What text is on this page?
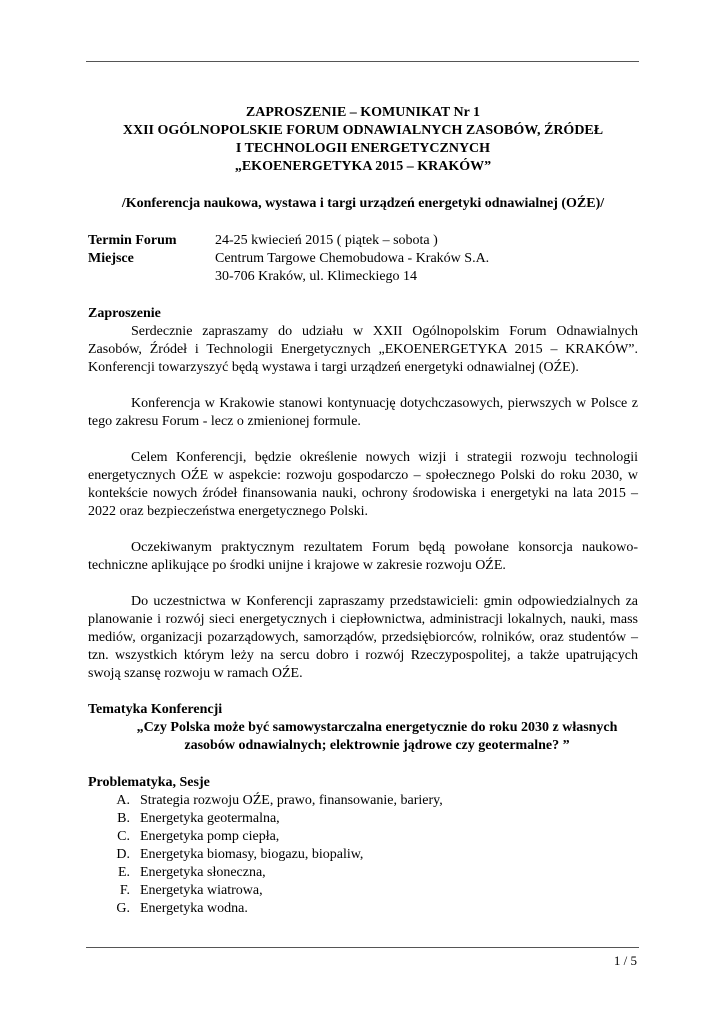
ZAPROSZENIE – KOMUNIKAT Nr 1
XXII OGÓLNOPOLSKIE FORUM ODNAWIALNYCH ZASOBÓW, ŹRÓDEŁ
I TECHNOLOGII ENERGETYCZNYCH
„EKOENERGETYKA 2015 – KRAKÓW”
/Konferencja naukowa, wystawa i targi urządzeń energetyki odnawialnej (OŹE)/
Termin Forum	24-25 kwiecień 2015 ( piątek – sobota )
Miejsce	Centrum Targowe Chemobudowa - Kraków S.A.
30-706 Kraków, ul. Klimeckiego 14
Zaproszenie

Serdecznie zapraszamy do udziału w XXII Ogólnopolskim Forum Odnawialnych Zasobów, Źródeł i Technologii Energetycznych „EKOENERGETYKA 2015 – KRAKÓW”. Konferencji towarzyszyć będą wystawa i targi urządzeń energetyki odnawialnej (OŹE).

Konferencja w Krakowie stanowi kontynuację dotychczasowych, pierwszych w Polsce z tego zakresu Forum - lecz o zmienionej formule.

Celem Konferencji, będzie określenie nowych wizji i strategii rozwoju technologii energetycznych OŹE w aspekcie: rozwoju gospodarczo – społecznego Polski do roku 2030, w kontekście nowych źródeł finansowania nauki, ochrony środowiska i energetyki na lata 2015 – 2022 oraz bezpieczeństwa energetycznego Polski.

Oczekiwanym praktycznym rezultatem Forum będą powołane konsorcja naukowo-techniczne aplikujące po środki unijne i krajowe w zakresie rozwoju OŹE.

Do uczestnictwa w Konferencji zapraszamy przedstawicieli: gmin odpowiedzialnych za planowanie i rozwój sieci energetycznych i ciepłownictwa, administracji lokalnych, nauki, mass mediów, organizacji pozarządowych, samorządów, przedsiębiorców, rolników, oraz studentów – tzn. wszystkich którym leży na sercu dobro i rozwój Rzeczypospolitej, a także upatrujących swoją szansę rozwoju w ramach OŹE.

Tematyka Konferencji
„Czy Polska może być samowystarczalna energetycznie do roku 2030 z własnych
zasobów odnawialnych; elektrownie jądrowe czy geotermalne? ”
Problematyka, Sesje
A. Strategia rozwoju OŹE, prawo, finansowanie, bariery,
B. Energetyka geotermalna,
C. Energetyka pomp ciepła,
D. Energetyka biomasy, biogazu, biopaliw,
E. Energetyka słoneczna,
F. Energetyka wiatrowa,
G. Energetyka wodna.
1 / 5
